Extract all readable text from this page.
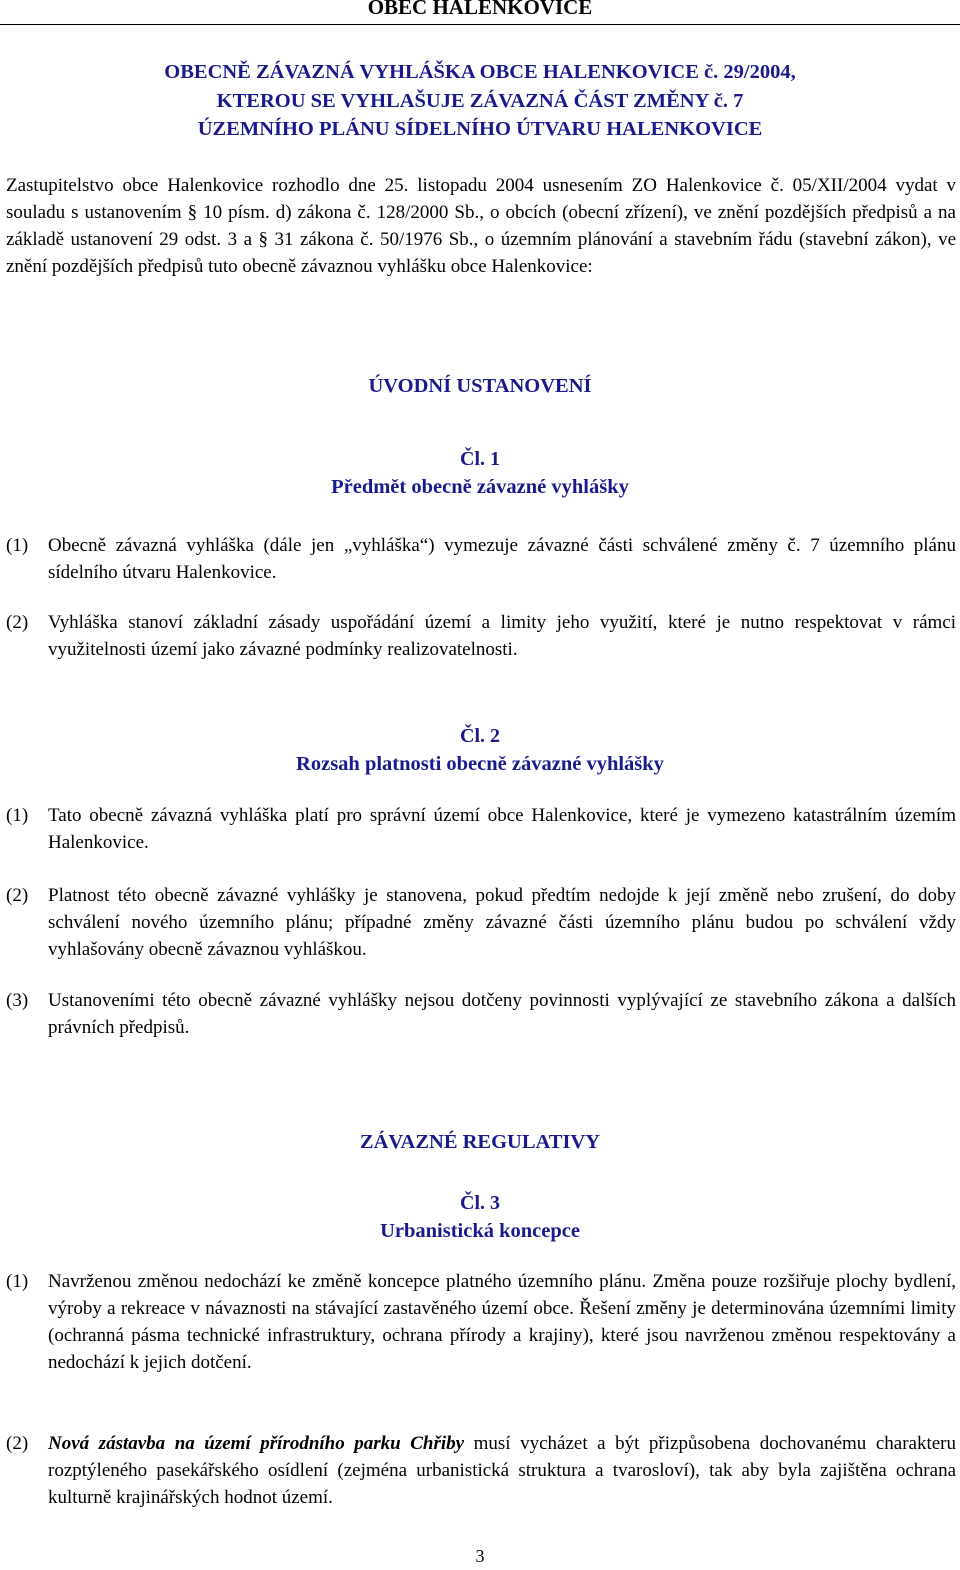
OBEC HALENKOVICE
OBECNĚ ZÁVAZNÁ VYHLÁŠKA OBCE HALENKOVICE č. 29/2004,
KTEROU SE VYHLAŠUJE ZÁVAZNÁ ČÁST ZMĚNY č. 7
ÚZEMNÍHO PLÁNU SÍDELNÍHO ÚTVARU HALENKOVICE
Zastupitelstvo obce Halenkovice rozhodlo dne 25. listopadu 2004 usnesením ZO Halenkovice č. 05/XII/2004 vydat v souladu s ustanovením § 10 písm. d) zákona č. 128/2000 Sb., o obcích (obecní zřízení), ve znění pozdějších předpisů a na základě ustanovení 29 odst. 3 a § 31 zákona č. 50/1976 Sb., o územním plánování a stavebním řádu (stavební zákon), ve znění pozdějších předpisů tuto obecně závaznou vyhlášku obce Halenkovice:
ÚVODNÍ USTANOVENÍ
Čl. 1
Předmět obecně závazné vyhlášky
(1) Obecně závazná vyhláška (dále jen „vyhláška“) vymezuje závazné části schválené změny č. 7 územního plánu sídelního útvaru Halenkovice.
(2) Vyhláška stanoví základní zásady uspořádání území a limity jeho využití, které je nutno respektovat v rámci využitelnosti území jako závazné podmínky realizovatelnosti.
Čl. 2
Rozsah platnosti obecně závazné vyhlášky
(1) Tato obecně závazná vyhláška platí pro správní území obce Halenkovice, které je vymezeno katastrálním územím Halenkovice.
(2) Platnost této obecně závazné vyhlášky je stanovena, pokud předtím nedojde k její změně nebo zrušení, do doby schválení nového územního plánu; případné změny závazné části územního plánu budou po schválení vždy vyhlašovány obecně závaznou vyhláškou.
(3) Ustanoveními této obecně závazné vyhlášky nejsou dotčeny povinnosti vyplývající ze stavebního zákona a dalších právních předpisů.
ZÁVAZNÉ REGULATIVY
Čl. 3
Urbanistická koncepce
(1) Navrženou změnou nedochází ke změně koncepce platného územního plánu. Změna pouze rozšiřuje plochy bydlení, výroby a rekreace v návaznosti na stávající zastavěného území obce. Řešení změny je determinována územními limity (ochranná pásma technické infrastruktury, ochrana přírody a krajiny), které jsou navrženou změnou respektovány a nedochází k jejich dotčení.
(2) Nová zástavba na území přírodního parku Chřiby musí vycházet a být přizpůsobena dochovanému charakteru rozptýleného pasekářského osídlení (zejména urbanistická struktura a tvarosloví), tak aby byla zajištěna ochrana kulturně krajinářských hodnot území.
3
